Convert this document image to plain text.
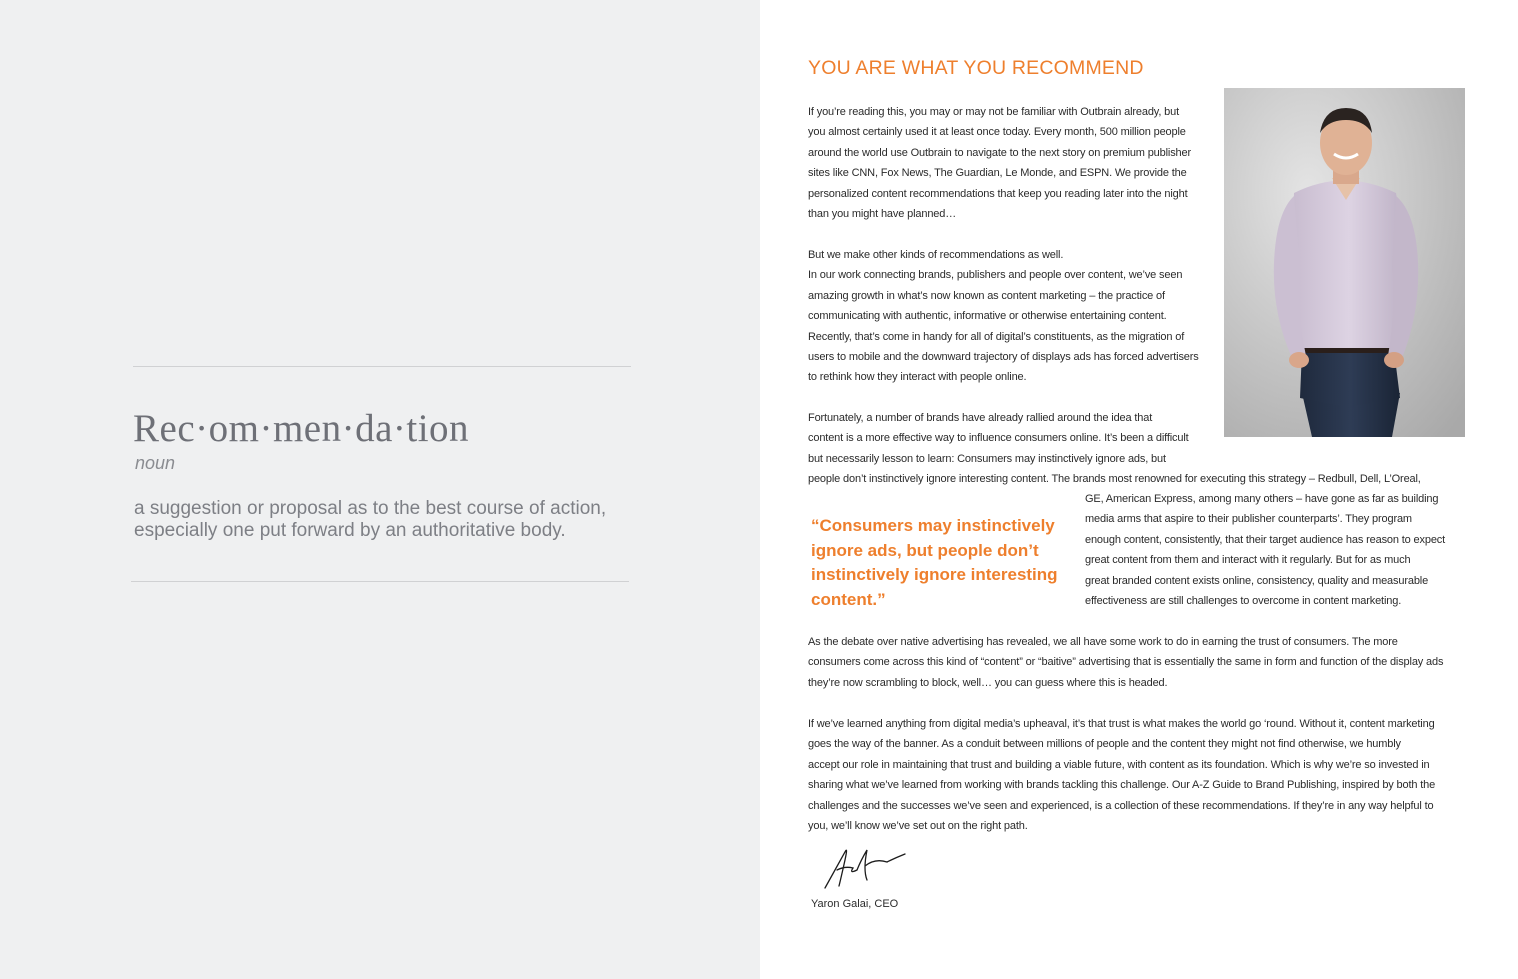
Rec·om·men·da·tion
noun

a suggestion or proposal as to the best course of action,
especially one put forward by an authoritative body.

YOU ARE WHAT YOU RECOMMEND

If you’re reading this, you may or may not be familiar with Outbrain already, but
you almost certainly used it at least once today. Every month, 500 million people
around the world use Outbrain to navigate to the next story on premium publisher
sites like CNN, Fox News, The Guardian, Le Monde, and ESPN. We provide the
personalized content recommendations that keep you reading later into the night
than you might have planned…

But we make other kinds of recommendations as well.
In our work connecting brands, publishers and people over content, we’ve seen
amazing growth in what’s now known as content marketing – the practice of
communicating with authentic, informative or otherwise entertaining content.
Recently, that’s come in handy for all of digital’s constituents, as the migration of
users to mobile and the downward trajectory of displays ads has forced advertisers
to rethink how they interact with people online.

Fortunately, a number of brands have already rallied around the idea that
content is a more effective way to influence consumers online. It’s been a difficult
but necessarily lesson to learn: Consumers may instinctively ignore ads, but
people don’t instinctively ignore interesting content. The brands most renowned for executing this strategy – Redbull, Dell, L’Oreal,

GE, American Express, among many others – have gone as far as building
media arms that aspire to their publisher counterparts’. They program
enough content, consistently, that their target audience has reason to expect
great content from them and interact with it regularly. But for as much
great branded content exists online, consistency, quality and measurable
effectiveness are still challenges to overcome in content marketing.

“Consumers may instinctively
ignore ads, but people don’t
instinctively ignore interesting
content.”

As the debate over native advertising has revealed, we all have some work to do in earning the trust of consumers. The more
consumers come across this kind of “content” or “baitive” advertising that is essentially the same in form and function of the display ads
they’re now scrambling to block, well… you can guess where this is headed.

If we’ve learned anything from digital media’s upheaval, it’s that trust is what makes the world go ‘round. Without it, content marketing
goes the way of the banner. As a conduit between millions of people and the content they might not find otherwise, we humbly
accept our role in maintaining that trust and building a viable future, with content as its foundation. Which is why we’re so invested in
sharing what we’ve learned from working with brands tackling this challenge. Our A-Z Guide to Brand Publishing, inspired by both the
challenges and the successes we’ve seen and experienced, is a collection of these recommendations. If they’re in any way helpful to
you, we’ll know we’ve set out on the right path.

Yaron Galai, CEO
